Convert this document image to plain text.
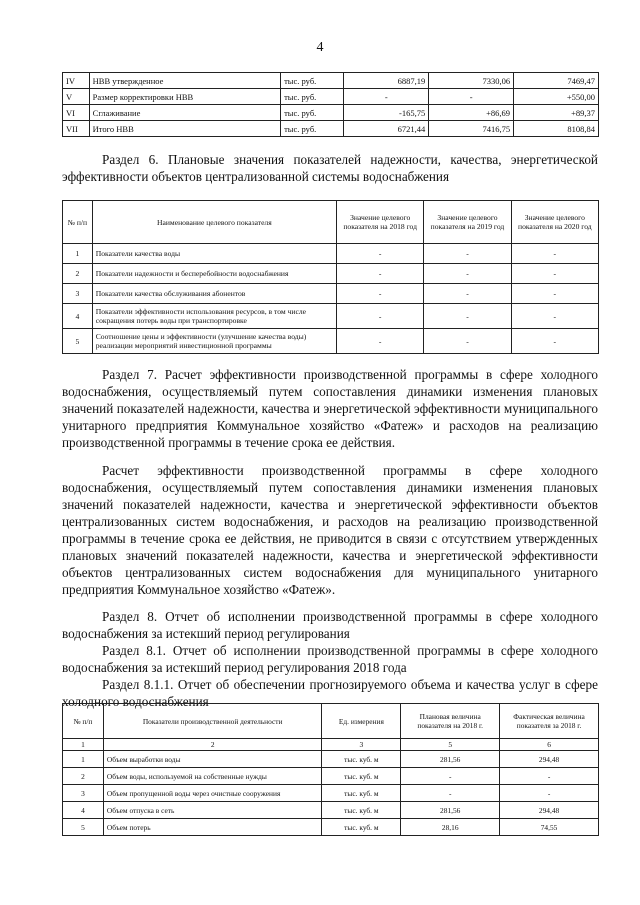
4
IV	НВВ утвержденное	тыс. руб.	6887,19	7330,06	7469,47
V	Размер корректировки НВВ	тыс. руб.	-	-	+550,00
VI	Сглаживание	тыс. руб.	-165,75	+86,69	+89,37
VII	Итого НВВ	тыс. руб.	6721,44	7416,75	8108,84
Раздел 6. Плановые значения показателей надежности, качества, энергетической эффективности объектов централизованной системы водоснабжения
№ п/п	Наименование целевого показателя	Значение целевого показателя на 2018 год	Значение целевого показателя на 2019 год	Значение целевого показателя на 2020 год
1	Показатели качества воды	-	-	-
2	Показатели надежности и бесперебойности водоснабжения	-	-	-
3	Показатели качества обслуживания абонентов	-	-	-
4	Показатели эффективности использования ресурсов, в том числе сокращения потерь воды при транспортировке	-	-	-
5	Соотношение цены и эффективности (улучшение качества воды) реализации мероприятий инвестиционной программы	-	-	-
Раздел 7. Расчет эффективности производственной программы в сфере холодного водоснабжения, осуществляемый путем сопоставления динамики изменения плановых значений показателей надежности, качества и энергетической эффективности муниципального унитарного предприятия Коммунальное хозяйство «Фатеж» и расходов на реализацию производственной программы в течение срока ее действия.
Расчет эффективности производственной программы в сфере холодного водоснабжения, осуществляемый путем сопоставления динамики изменения плановых значений показателей надежности, качества и энергетической эффективности объектов централизованных систем водоснабжения, и расходов на реализацию производственной программы в течение срока ее действия, не приводится в связи с отсутствием утвержденных плановых значений показателей надежности, качества и энергетической эффективности объектов централизованных систем водоснабжения для муниципального унитарного предприятия Коммунальное хозяйство «Фатеж».
Раздел 8. Отчет об исполнении производственной программы в сфере холодного водоснабжения за истекший период регулирования
Раздел 8.1. Отчет об исполнении производственной программы в сфере холодного водоснабжения за истекший период регулирования 2018 года
Раздел 8.1.1. Отчет об обеспечении прогнозируемого объема и качества услуг в сфере холодного водоснабжения
№ п/п	Показатели производственной деятельности	Ед. измерения	Плановая величина показателя на 2018 г.	Фактическая величина показателя за 2018 г.
1	2	3	5	6
1	Объем выработки воды	тыс. куб. м	281,56	294,48
2	Объем воды, используемой на собственные нужды	тыс. куб. м	-	-
3	Объем пропущенной воды через очистные сооружения	тыс. куб. м	-	-
4	Объем отпуска в сеть	тыс. куб. м	281,56	294,48
5	Объем потерь	тыс. куб. м	28,16	74,55
